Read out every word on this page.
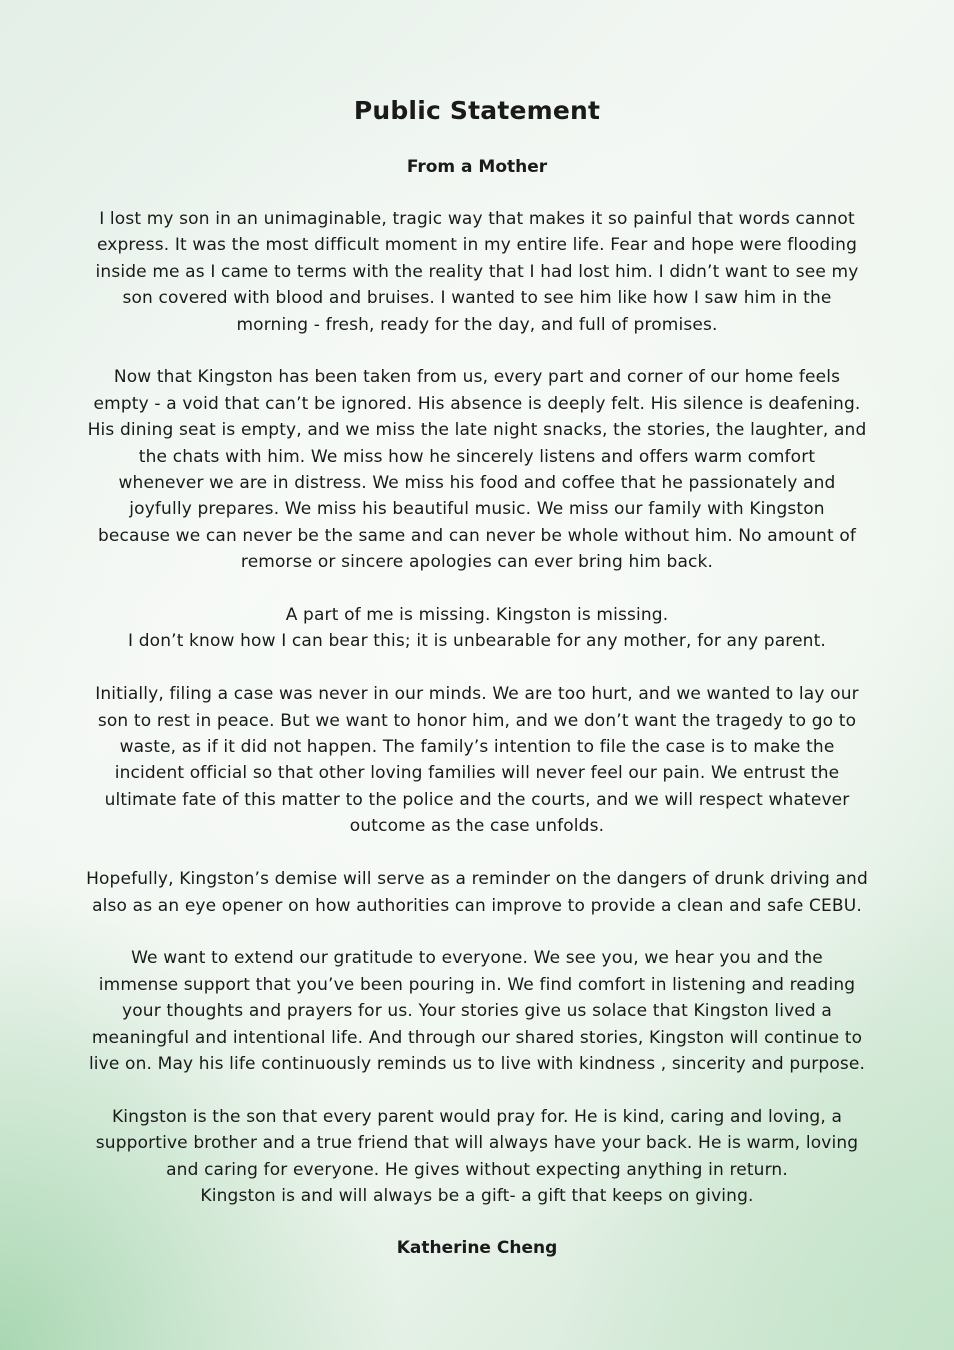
Public Statement
From a Mother

I lost my son in an unimaginable, tragic way that makes it so painful that words cannot
express. It was the most difficult moment in my entire life. Fear and hope were flooding
inside me as I came to terms with the reality that I had lost him. I didn’t want to see my
son covered with blood and bruises. I wanted to see him like how I saw him in the
morning - fresh, ready for the day, and full of promises.

Now that Kingston has been taken from us, every part and corner of our home feels
empty - a void that can’t be ignored. His absence is deeply felt. His silence is deafening.
His dining seat is empty, and we miss the late night snacks, the stories, the laughter, and
the chats with him. We miss how he sincerely listens and offers warm comfort
whenever we are in distress. We miss his food and coffee that he passionately and
joyfully prepares. We miss his beautiful music. We miss our family with Kingston
because we can never be the same and can never be whole without him. No amount of
remorse or sincere apologies can ever bring him back.

A part of me is missing. Kingston is missing.
I don’t know how I can bear this; it is unbearable for any mother, for any parent.

Initially, filing a case was never in our minds. We are too hurt, and we wanted to lay our
son to rest in peace. But we want to honor him, and we don’t want the tragedy to go to
waste, as if it did not happen. The family’s intention to file the case is to make the
incident official so that other loving families will never feel our pain. We entrust the
ultimate fate of this matter to the police and the courts, and we will respect whatever
outcome as the case unfolds.

Hopefully, Kingston’s demise will serve as a reminder on the dangers of drunk driving and
also as an eye opener on how authorities can improve to provide a clean and safe CEBU.

We want to extend our gratitude to everyone. We see you, we hear you and the
immense support that you’ve been pouring in. We find comfort in listening and reading
your thoughts and prayers for us. Your stories give us solace that Kingston lived a
meaningful and intentional life. And through our shared stories, Kingston will continue to
live on. May his life continuously reminds us to live with kindness , sincerity and purpose.

Kingston is the son that every parent would pray for. He is kind, caring and loving, a
supportive brother and a true friend that will always have your back. He is warm, loving
and caring for everyone. He gives without expecting anything in return.
Kingston is and will always be a gift- a gift that keeps on giving.

Katherine Cheng
